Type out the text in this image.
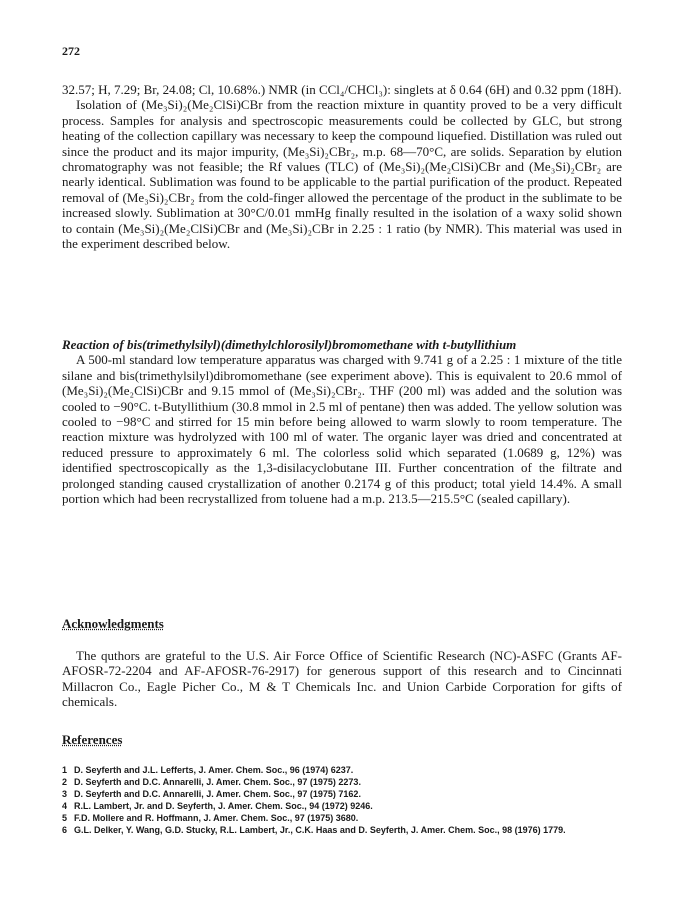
272

32.57; H, 7.29; Br, 24.08; Cl, 10.68%.) NMR (in CCl₄/CHCl₃): singlets at δ 0.64 (6H) and 0.32 ppm (18H).

Isolation of (Me₃Si)₂(Me₂ClSi)CBr from the reaction mixture in quantity proved to be a very difficult process. Samples for analysis and spectroscopic measurements could be collected by GLC, but strong heating of the collection capillary was necessary to keep the compound liquefied. Distillation was ruled out since the product and its major impurity, (Me₃Si)₂CBr₂, m.p. 68—70°C, are solids. Separation by elution chromatography was not feasible; the Rf values (TLC) of (Me₃Si)₂(Me₂ClSi)CBr and (Me₃Si)₂CBr₂ are nearly identical. Sublimation was found to be applicable to the partial purification of the product. Repeated removal of (Me₃Si)₂CBr₂ from the cold-finger allowed the percentage of the product in the sublimate to be increased slowly. Sublimation at 30°C/0.01 mmHg finally resulted in the isolation of a waxy solid shown to contain (Me₃Si)₂(Me₂ClSi)CBr and (Me₃Si)₂CBr in 2.25 : 1 ratio (by NMR). This material was used in the experiment described below.

Reaction of bis(trimethylsilyl)(dimethylchlorosilyl)bromomethane with t-butyllithium

A 500-ml standard low temperature apparatus was charged with 9.741 g of a 2.25 : 1 mixture of the title silane and bis(trimethylsilyl)dibromomethane (see experiment above). This is equivalent to 20.6 mmol of (Me₃Si)₂(Me₂ClSi)CBr and 9.15 mmol of (Me₃Si)₂CBr₂. THF (200 ml) was added and the solution was cooled to −90°C. t-Butyllithium (30.8 mmol in 2.5 ml of pentane) then was added. The yellow solution was cooled to −98°C and stirred for 15 min before being allowed to warm slowly to room temperature. The reaction mixture was hydrolyzed with 100 ml of water. The organic layer was dried and concentrated at reduced pressure to approximately 6 ml. The colorless solid which separated (1.0689 g, 12%) was identified spectroscopically as the 1,3-disilacyclobutane III. Further concentration of the filtrate and prolonged standing caused crystallization of another 0.2174 g of this product; total yield 14.4%. A small portion which had been recrystallized from toluene had a m.p. 213.5—215.5°C (sealed capillary).

Acknowledgments

The quthors are grateful to the U.S. Air Force Office of Scientific Research (NC)-ASFC (Grants AF-AFOSR-72-2204 and AF-AFOSR-76-2917) for generous support of this research and to Cincinnati Millacron Co., Eagle Picher Co., M & T Chemicals Inc. and Union Carbide Corporation for gifts of chemicals.

References
1 D. Seyferth and J.L. Lefferts, J. Amer. Chem. Soc., 96 (1974) 6237.
2 D. Seyferth and D.C. Annarelli, J. Amer. Chem. Soc., 97 (1975) 2273.
3 D. Seyferth and D.C. Annarelli, J. Amer. Chem. Soc., 97 (1975) 7162.
4 R.L. Lambert, Jr. and D. Seyferth, J. Amer. Chem. Soc., 94 (1972) 9246.
5 F.D. Mollere and R. Hoffmann, J. Amer. Chem. Soc., 97 (1975) 3680.
6 G.L. Delker, Y. Wang, G.D. Stucky, R.L. Lambert, Jr., C.K. Haas and D. Seyferth, J. Amer. Chem. Soc., 98 (1976) 1779.
